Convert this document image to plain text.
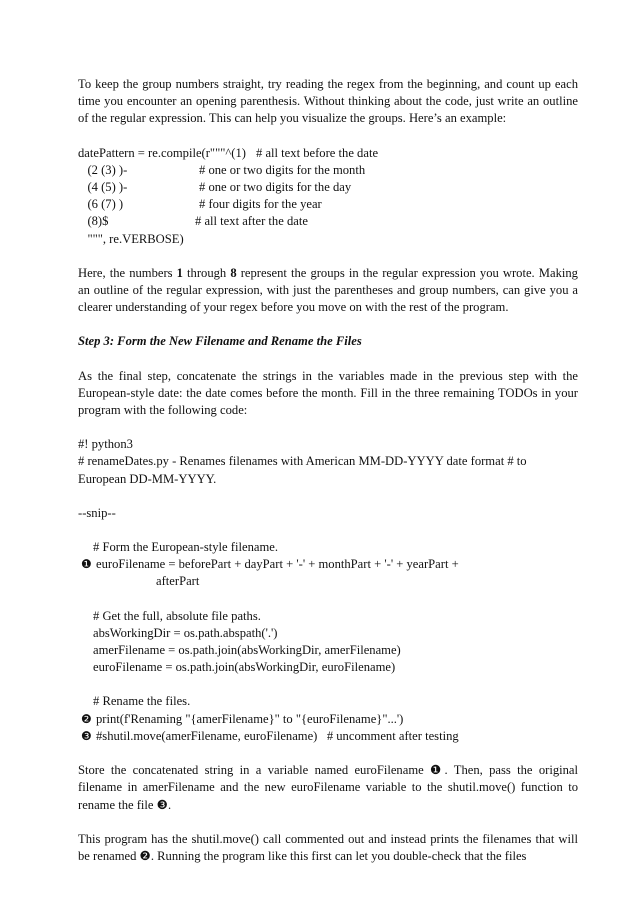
To keep the group numbers straight, try reading the regex from the beginning, and count up each time you encounter an opening parenthesis. Without thinking about the code, just write an outline of the regular expression. This can help you visualize the groups. Here’s an example:

datePattern = re.compile(r"""^(1) # all text before the date
(2 (3) )-	# one or two digits for the month
(4 (5) )-	# one or two digits for the day
(6 (7) )	# four digits for the year
(8)$	# all text after the date
""", re.VERBOSE)

Here, the numbers 1 through 8 represent the groups in the regular expression you wrote. Making an outline of the regular expression, with just the parentheses and group numbers, can give you a clearer understanding of your regex before you move on with the rest of the program.

Step 3: Form the New Filename and Rename the Files

As the final step, concatenate the strings in the variables made in the previous step with the European-style date: the date comes before the month. Fill in the three remaining TODOs in your program with the following code:

#! python3

# renameDates.py - Renames filenames with American MM-DD-YYYY date format # to

European DD-MM-YYYY.

--snip--

# Form the European-style filename.

❶ euroFilename = beforePart + dayPart + '-' + monthPart + '-' + yearPart +

afterPart

# Get the full, absolute file paths.

absWorkingDir = os.path.abspath('.')

amerFilename = os.path.join(absWorkingDir, amerFilename)

euroFilename = os.path.join(absWorkingDir, euroFilename)

# Rename the files.

❷ print(f'Renaming "{amerFilename}" to "{euroFilename}"...')

❸ #shutil.move(amerFilename, euroFilename)   # uncomment after testing

Store the concatenated string in a variable named euroFilename ❶. Then, pass the original filename in amerFilename and the new euroFilename variable to the shutil.move() function to rename the file ❸.

This program has the shutil.move() call commented out and instead prints the filenames that will be renamed ❷. Running the program like this first can let you double-check that the files
